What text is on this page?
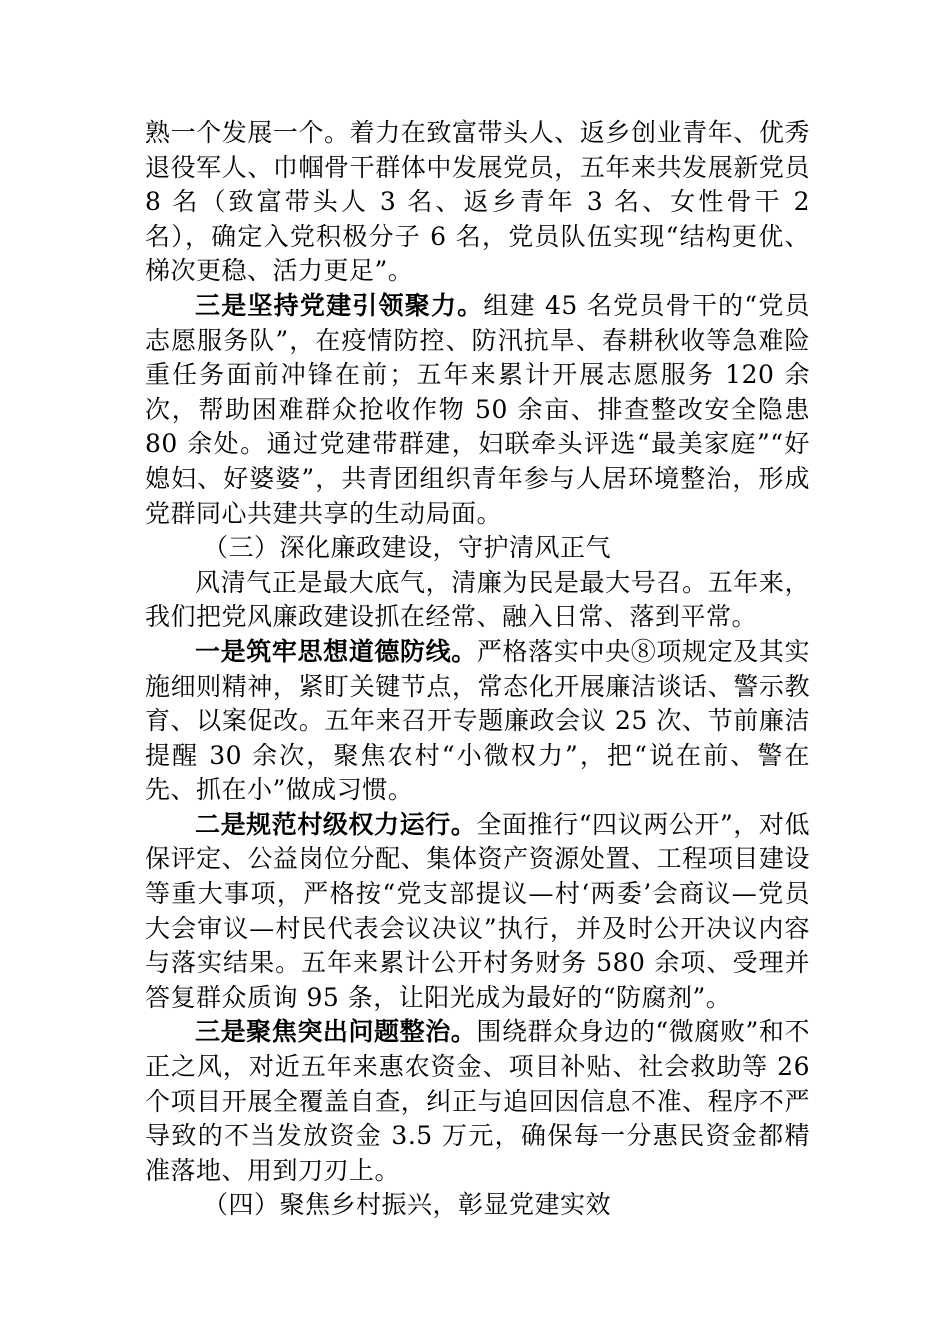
熟一个发展一个。着力在致富带头人、返乡创业青年、优秀退役军人、巾帼骨干群体中发展党员，五年来共发展新党员 8 名（致富带头人 3 名、返乡青年 3 名、女性骨干 2 名），确定入党积极分子 6 名，党员队伍实现“结构更优、梯次更稳、活力更足”。

三是坚持党建引领聚力。组建 45 名党员骨干的“党员志愿服务队”，在疫情防控、防汛抗旱、春耕秋收等急难险重任务面前冲锋在前；五年来累计开展志愿服务 120 余次，帮助困难群众抢收作物 50 余亩、排查整改安全隐患 80 余处。通过党建带群建，妇联牵头评选“最美家庭”“好媳妇、好婆婆”，共青团组织青年参与人居环境整治，形成党群同心共建共享的生动局面。

（三）深化廉政建设，守护清风正气

风清气正是最大底气，清廉为民是最大号召。五年来，我们把党风廉政建设抓在经常、融入日常、落到平常。

一是筑牢思想道德防线。严格落实中央⑧项规定及其实施细则精神，紧盯关键节点，常态化开展廉洁谈话、警示教育、以案促改。五年来召开专题廉政会议 25 次、节前廉洁提醒 30 余次，聚焦农村“小微权力”，把“说在前、警在先、抓在小”做成习惯。

二是规范村级权力运行。全面推行“四议两公开”，对低保评定、公益岗位分配、集体资产资源处置、工程项目建设等重大事项，严格按“党支部提议—村‘两委’会商议—党员大会审议—村民代表会议决议”执行，并及时公开决议内容与落实结果。五年来累计公开村务财务 580 余项、受理并答复群众质询 95 条，让阳光成为最好的“防腐剂”。

三是聚焦突出问题整治。围绕群众身边的“微腐败”和不正之风，对近五年来惠农资金、项目补贴、社会救助等 26 个项目开展全覆盖自查，纠正与追回因信息不准、程序不严导致的不当发放资金 3.5 万元，确保每一分惠民资金都精准落地、用到刀刃上。

（四）聚焦乡村振兴，彰显党建实效
